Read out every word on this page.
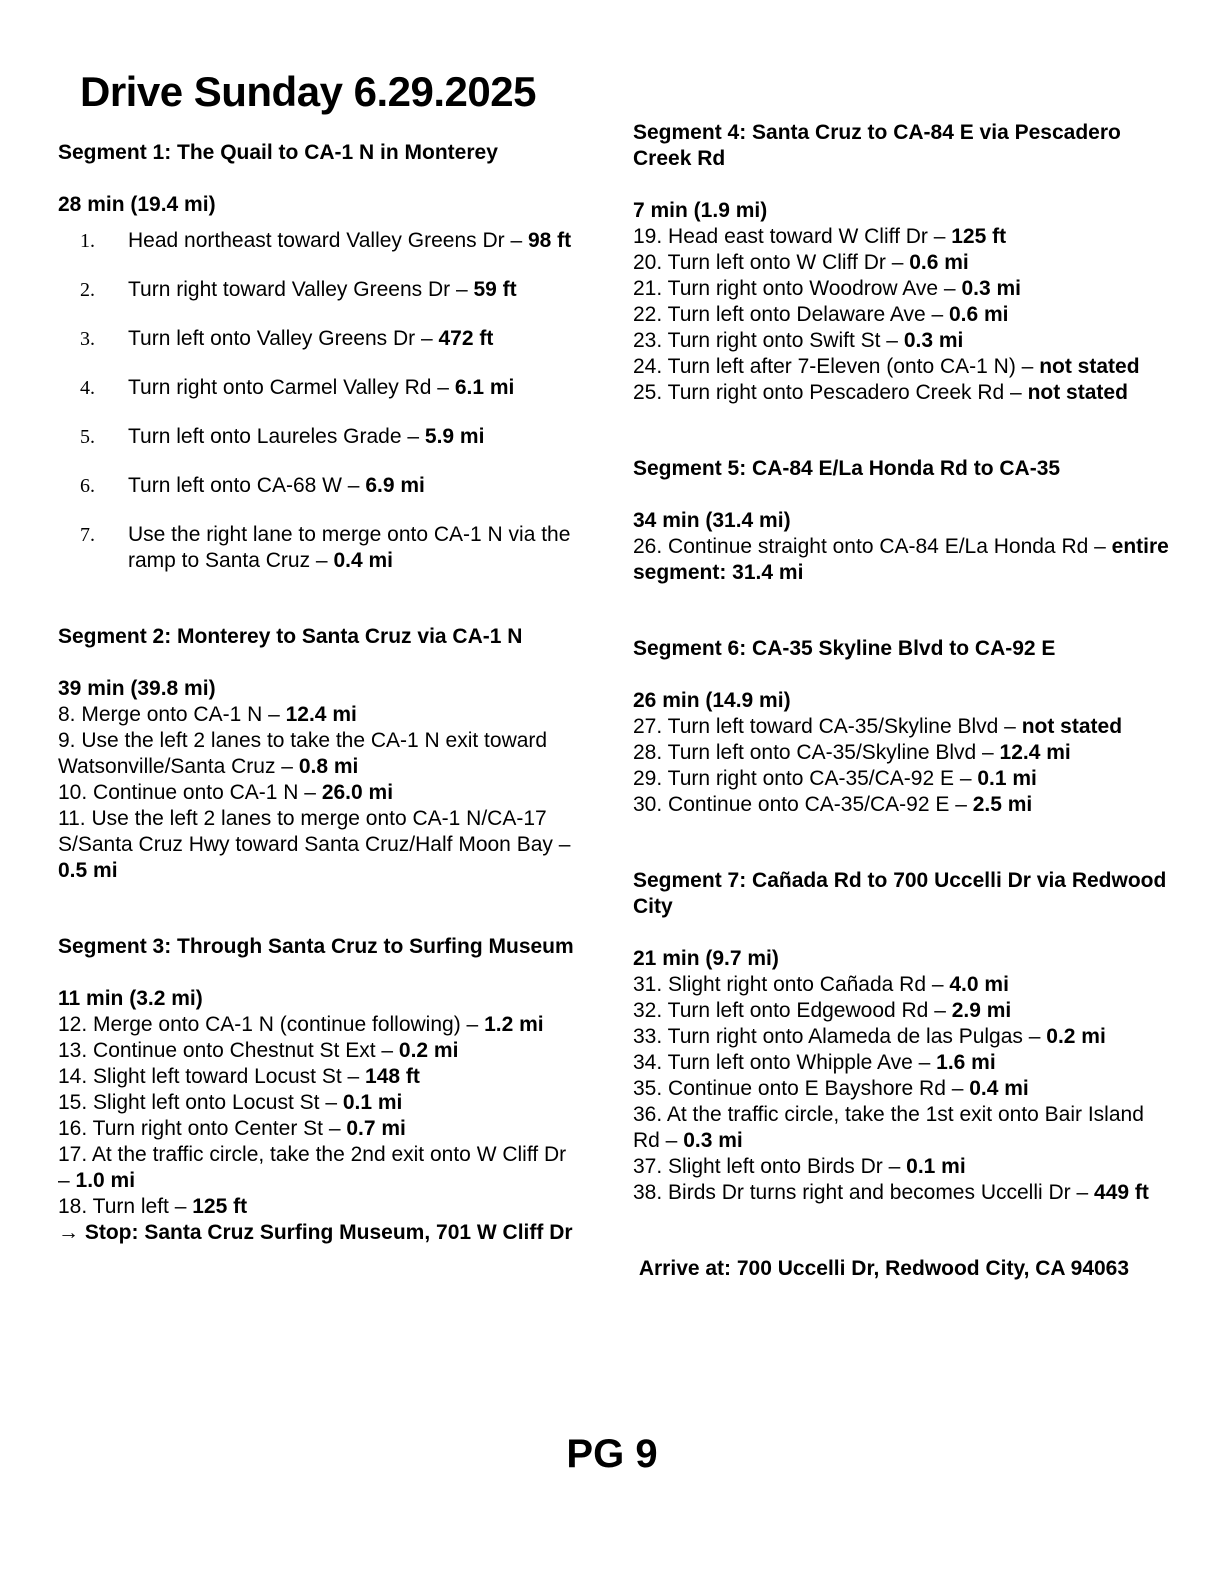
Drive Sunday 6.29.2025
Segment 1: The Quail to CA-1 N in Monterey
28 min (19.4 mi)
1.	Head northeast toward Valley Greens Dr – 98 ft
2.	Turn right toward Valley Greens Dr – 59 ft
3.	Turn left onto Valley Greens Dr – 472 ft
4.	Turn right onto Carmel Valley Rd – 6.1 mi
5.	Turn left onto Laureles Grade – 5.9 mi
6.	Turn left onto CA-68 W – 6.9 mi
7.	Use the right lane to merge onto CA-1 N via the ramp to Santa Cruz – 0.4 mi
Segment 2: Monterey to Santa Cruz via CA-1 N
39 min (39.8 mi)
8. Merge onto CA-1 N – 12.4 mi
9. Use the left 2 lanes to take the CA-1 N exit toward Watsonville/Santa Cruz – 0.8 mi
10. Continue onto CA-1 N – 26.0 mi
11. Use the left 2 lanes to merge onto CA-1 N/CA-17 S/Santa Cruz Hwy toward Santa Cruz/Half Moon Bay – 0.5 mi
Segment 3: Through Santa Cruz to Surfing Museum
11 min (3.2 mi)
12. Merge onto CA-1 N (continue following) – 1.2 mi
13. Continue onto Chestnut St Ext – 0.2 mi
14. Slight left toward Locust St – 148 ft
15. Slight left onto Locust St – 0.1 mi
16. Turn right onto Center St – 0.7 mi
17. At the traffic circle, take the 2nd exit onto W Cliff Dr – 1.0 mi
18. Turn left – 125 ft
→ Stop: Santa Cruz Surfing Museum, 701 W Cliff Dr
Segment 4: Santa Cruz to CA-84 E via Pescadero Creek Rd
7 min (1.9 mi)
19. Head east toward W Cliff Dr – 125 ft
20. Turn left onto W Cliff Dr – 0.6 mi
21. Turn right onto Woodrow Ave – 0.3 mi
22. Turn left onto Delaware Ave – 0.6 mi
23. Turn right onto Swift St – 0.3 mi
24. Turn left after 7-Eleven (onto CA-1 N) – not stated
25. Turn right onto Pescadero Creek Rd – not stated
Segment 5: CA-84 E/La Honda Rd to CA-35
34 min (31.4 mi)
26. Continue straight onto CA-84 E/La Honda Rd – entire segment: 31.4 mi
Segment 6: CA-35 Skyline Blvd to CA-92 E
26 min (14.9 mi)
27. Turn left toward CA-35/Skyline Blvd – not stated
28. Turn left onto CA-35/Skyline Blvd – 12.4 mi
29. Turn right onto CA-35/CA-92 E – 0.1 mi
30. Continue onto CA-35/CA-92 E – 2.5 mi
Segment 7: Cañada Rd to 700 Uccelli Dr via Redwood City
21 min (9.7 mi)
31. Slight right onto Cañada Rd – 4.0 mi
32. Turn left onto Edgewood Rd – 2.9 mi
33. Turn right onto Alameda de las Pulgas – 0.2 mi
34. Turn left onto Whipple Ave – 1.6 mi
35. Continue onto E Bayshore Rd – 0.4 mi
36. At the traffic circle, take the 1st exit onto Bair Island Rd – 0.3 mi
37. Slight left onto Birds Dr – 0.1 mi
38. Birds Dr turns right and becomes Uccelli Dr – 449 ft
Arrive at: 700 Uccelli Dr, Redwood City, CA 94063
PG 9
